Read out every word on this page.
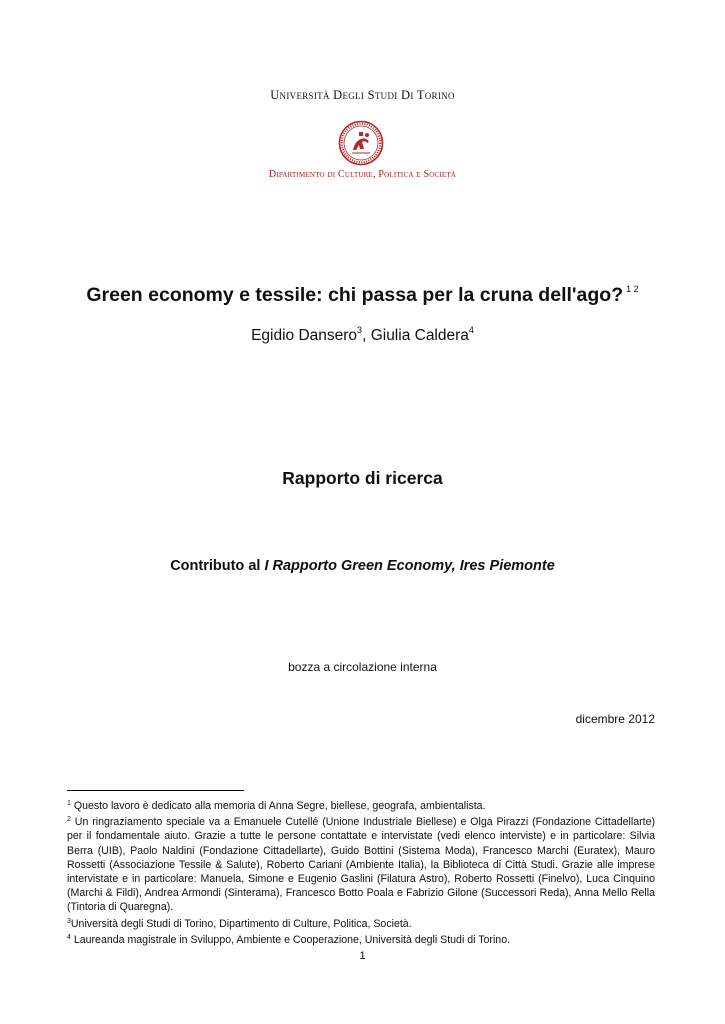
Università Degli Studi Di Torino
Dipartimento di Culture, Politica e Società
Green economy e tessile: chi passa per la cruna dell'ago? $^{1 2}$
Egidio Dansero$^3$, Giulia Caldera$^4$
Rapporto di ricerca
Contributo al I Rapporto Green Economy, Ires Piemonte
bozza a circolazione interna
dicembre 2012

$^1$ Questo lavoro è dedicato alla memoria di Anna Segre, biellese, geografa, ambientalista.

$^2$ Un ringraziamento speciale va a Emanuele Cutellé (Unione Industriale Biellese) e Olga Pirazzi (Fondazione Cittadellarte) per il fondamentale aiuto. Grazie a tutte le persone contattate e intervistate (vedi elenco interviste) e in particolare: Silvia Berra (UIB), Paolo Naldini (Fondazione Cittadellarte), Guido Bottini (Sistema Moda), Francesco Marchi (Euratex), Mauro Rossetti (Associazione Tessile & Salute), Roberto Cariani (Ambiente Italia), la Biblioteca di Città Studi. Grazie alle imprese intervistate e in particolare: Manuela, Simone e Eugenio Gaslini (Filatura Astro), Roberto Rossetti (Finelvo), Luca Cinquino (Marchi & Fildi), Andrea Armondi (Sinterama), Francesco Botto Poala e Fabrizio Gilone (Successori Reda), Anna Mello Rella (Tintoria di Quaregna).

$^3$Università degli Studi di Torino, Dipartimento di Culture, Politica, Società.

$^4$ Laureanda magistrale in Sviluppo, Ambiente e Cooperazione, Università degli Studi di Torino.

1
